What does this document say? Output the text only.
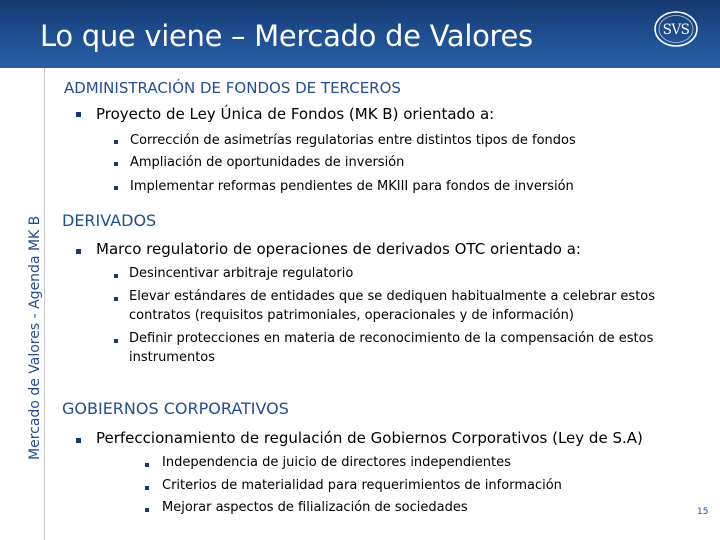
Lo que viene – Mercado de Valores	SVS
Mercado de Valores - Agenda MK B
ADMINISTRACIÓN DE FONDOS DE TERCEROS
Proyecto de Ley Única de Fondos (MK B) orientado a:
Corrección de asimetrías regulatorias entre distintos tipos de fondos
Ampliación de oportunidades de inversión
Implementar reformas pendientes de MKIII para fondos de inversión
DERIVADOS
Marco regulatorio de operaciones de derivados OTC orientado a:
Desincentivar arbitraje regulatorio
Elevar estándares de entidades que se dediquen habitualmente a celebrar estos
contratos (requisitos patrimoniales, operacionales y de información)
Definir protecciones en materia de reconocimiento de la compensación de estos
instrumentos
GOBIERNOS CORPORATIVOS
Perfeccionamiento de regulación de Gobiernos Corporativos (Ley de S.A)
Independencia de juicio de directores independientes
Criterios de materialidad para requerimientos de información
Mejorar aspectos de filialización de sociedades	15
